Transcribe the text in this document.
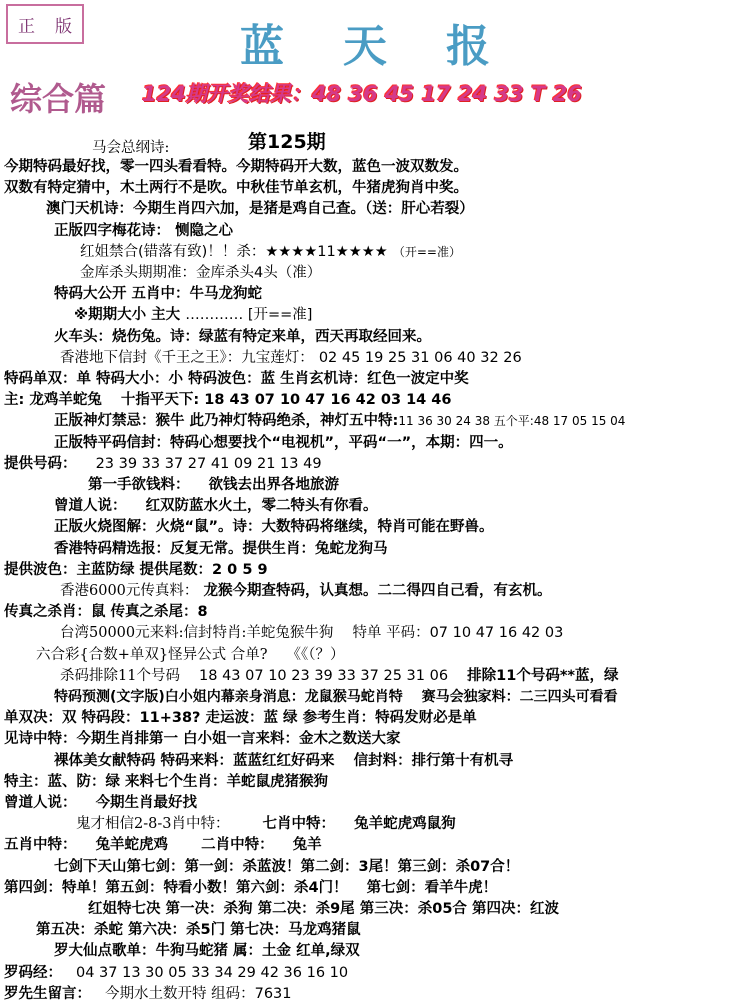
正 版	蓝 天 报
综合篇 124期开奖结果：48 36 45 17 24 33 T 26
马会总纲诗:	第125期
今期特码最好找，零一四头看看特。今期特码开大数，蓝色一波双数发。
双数有特定猜中，木土两行不是吹。中秋佳节单玄机，牛猪虎狗肖中奖。
澳门天机诗：今期生肖四六加，是猪是鸡自己查。（送：肝心若裂）
正版四字梅花诗： 恻隐之心
红姐禁合(错落有致)！！杀：★★★★11★★★★ （开==准）
金库杀头期期准：金库杀头4头（准）
特码大公开 五肖中：牛马龙狗蛇
※期期大小 主大 ………… [开==准]
火车头：烧伤兔。诗：绿蓝有特定来单，西天再取经回来。
香港地下信封《千王之王》：九宝莲灯： 02 45 19 25 31 06 40 32 26
特码单双：单 特码大小：小 特码波色：蓝 生肖玄机诗：红色一波定中奖
主: 龙鸡羊蛇兔 十指平天下: 18 43 07 10 47 16 42 03 14 46
正版神灯禁忌：猴牛 此乃神灯特码绝杀，神灯五中特:11 36 30 24 38 五个平:48 17 05 15 04
正版特平码信封：特码心想要找个“电视机”，平码“一”，本期：四一。
提供号码： 23 39 33 37 27 41 09 21 13 49
第一手欲钱料： 欲钱去出界各地旅游
曾道人说： 红双防蓝水火土，零二特头有你看。
正版火烧图解：火烧“鼠”。诗：大数特码将继续，特肖可能在野兽。
香港特码精选报：反复无常。提供生肖：兔蛇龙狗马
提供波色：主蓝防绿 提供尾数：2 0 5 9
香港6000元传真料： 龙猴今期查特码，认真想。二二得四自己看，有玄机。
传真之杀肖：鼠 传真之杀尾：8
台湾50000元来料:信封特肖:羊蛇兔猴牛狗 特单 平码：07 10 47 16 42 03
六合彩{合数+单双}怪异公式 合单? 《《（？）
杀码排除11个号码 18 43 07 10 23 39 33 37 25 31 06 排除11个号码**蓝，绿
特码预测(文字版)白小姐内幕亲身消息：龙鼠猴马蛇肖特 赛马会独家料：二三四头可看看
单双决：双 特码段：11+38? 走运波：蓝 绿 参考生肖：特码发财必是单
见诗中特：今期生肖排第一 白小姐一言来料：金木之数送大家
裸体美女献特码 特码来料：蓝蓝红红好码来 信封料：排行第十有机寻
特主：蓝、防：绿 来料七个生肖：羊蛇鼠虎猪猴狗
曾道人说： 今期生肖最好找
鬼才相信2-8-3肖中特： 七肖中特： 兔羊蛇虎鸡鼠狗
五肖中特： 兔羊蛇虎鸡 二肖中特： 兔羊
七剑下天山第七剑：第一剑：杀蓝波！第二剑：3尾！第三剑：杀07合！
第四剑：特单！第五剑：特看小数！第六剑：杀4门！ 第七剑：看羊牛虎！
红姐特七决 第一决：杀狗 第二决：杀9尾 第三决：杀05合 第四决：红波
第五决：杀蛇 第六决：杀5门 第七决：马龙鸡猪鼠
罗大仙点歌单：牛狗马蛇猪 属：土金 红单,绿双
罗码经： 04 37 13 30 05 33 34 29 42 36 16 10
罗先生留言： 今期水土数开特 组码：7631
